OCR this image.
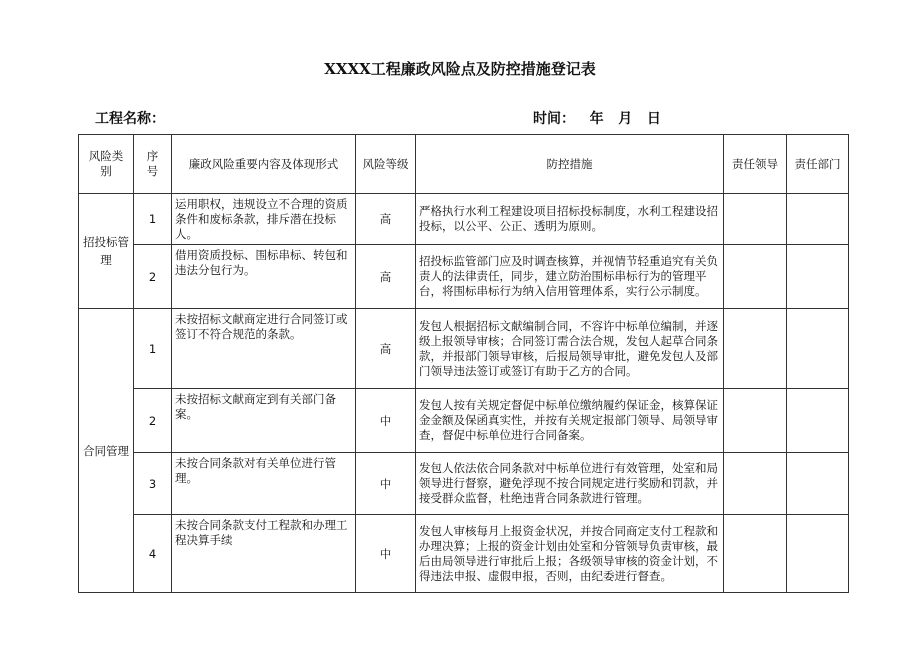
XXXX工程廉政风险点及防控措施登记表
工程名称：	时间：   年   月   日
风险类别	序号	廉政风险重要内容及体现形式	风险等级	防控措施	责任领导	责任部门
招投标管理	1	运用职权，违规设立不合理的资质条件和废标条款，排斥潜在投标人。	高	严格执行水利工程建设项目招标投标制度，水利工程建设招投标，以公平、公正、透明为原则。		
	2	借用资质投标、围标串标、转包和违法分包行为。	高	招投标监管部门应及时调查核算，并视情节轻重追究有关负责人的法律责任，同步，建立防治围标串标行为的管理平台，将围标串标行为纳入信用管理体系，实行公示制度。		
合同管理	1	未按招标文献商定进行合同签订或签订不符合规范的条款。	高	发包人根据招标文献编制合同，不容许中标单位编制，并逐级上报领导审核；合同签订需合法合规，发包人起草合同条款，并报部门领导审核，后报局领导审批，避免发包人及部门领导违法签订或签订有助于乙方的合同。		
	2	未按招标文献商定到有关部门备案。	中	发包人按有关规定督促中标单位缴纳履约保证金，核算保证金金额及保函真实性，并按有关规定报部门领导、局领导审查，督促中标单位进行合同备案。		
	3	未按合同条款对有关单位进行管理。	中	发包人依法依合同条款对中标单位进行有效管理，处室和局领导进行督察，避免浮现不按合同规定进行奖励和罚款，并接受群众监督，杜绝违背合同条款进行管理。		
	4	未按合同条款支付工程款和办理工程决算手续	中	发包人审核每月上报资金状况，并按合同商定支付工程款和办理决算；上报的资金计划由处室和分管领导负责审核，最后由局领导进行审批后上报；各级领导审核的资金计划，不得违法申报、虚假申报，否则，由纪委进行督查。		
